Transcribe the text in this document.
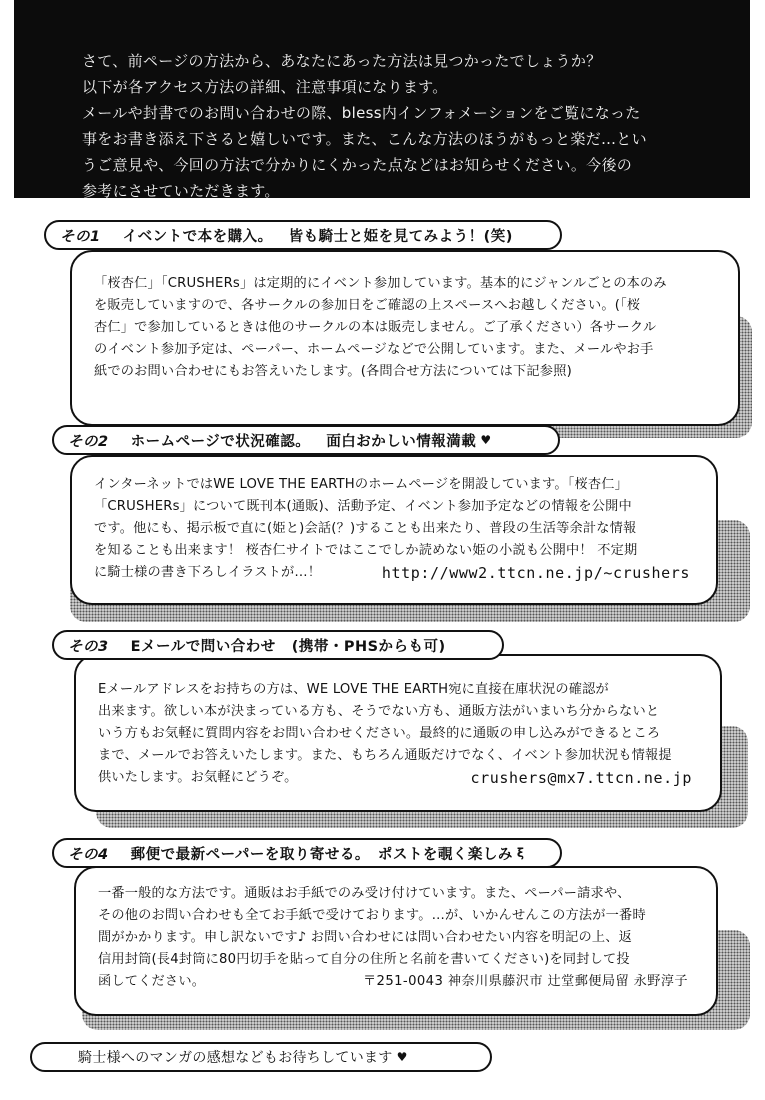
さて、前ページの方法から、あなたにあった方法は見つかったでしょうか？

以下が各アクセス方法の詳細、注意事項になります。

メールや封書でのお問い合わせの際、bless内インフォメーションをご覧になった

事をお書き添え下さると嬉しいです。また、こんな方法のほうがもっと楽だ…とい

うご意見や、今回の方法で分かりにくかった点などはお知らせください。今後の

参考にさせていただきます。

「桜杏仁」「CRUSHERs」は定期的にイベント参加しています。基本的にジャンルごとの本のみ

を販売していますので、各サークルの参加日をご確認の上スペースへお越しください。(「桜

杏仁」で参加しているときは他のサークルの本は販売しません。ご了承ください）各サークル

のイベント参加予定は、ペーパー、ホームページなどで公開しています。また、メールやお手

紙でのお問い合わせにもお答えいたします。(各問合せ方法については下記参照)

その1 イベントで本を購入。 皆も騎士と姫を見てみよう！(笑)

インターネットではWE LOVE THE EARTHのホームページを開設しています。「桜杏仁」

「CRUSHERs」について既刊本(通販)、活動予定、イベント参加予定などの情報を公開中

です。他にも、掲示板で直に(姫と)会話(？)することも出来たり、普段の生活等余計な情報

を知ることも出来ます！ 桜杏仁サイトではここでしか読めない姫の小説も公開中！ 不定期

に騎士様の書き下ろしイラストが…！	http://www2.ttcn.ne.jp/~crushers

その2 ホームページで状況確認。 面白おかしい情報満載 ♥

Eメールアドレスをお持ちの方は、WE LOVE THE EARTH宛に直接在庫状況の確認が

出来ます。欲しい本が決まっている方も、そうでない方も、通販方法がいまいち分からないと

いう方もお気軽に質問内容をお問い合わせください。最終的に通販の申し込みができるところ

まで、メールでお答えいたします。また、もちろん通販だけでなく、イベント参加状況も情報提

供いたします。お気軽にどうぞ。	crushers@mx7.ttcn.ne.jp

その3 Eメールで問い合わせ (携帯・PHSからも可)

一番一般的な方法です。通販はお手紙でのみ受け付けています。また、ペーパー請求や、

その他のお問い合わせも全てお手紙で受けております。…が、いかんせんこの方法が一番時

間がかかります。申し訳ないです♪ お問い合わせには問い合わせたい内容を明記の上、返

信用封筒(長4封筒に80円切手を貼って自分の住所と名前を書いてください)を同封して投

函してください。	〒251-0043 神奈川県藤沢市 辻堂郵便局留 永野淳子

その4 郵便で最新ペーパーを取り寄せる。 ポストを覗く楽しみ ξ
騎士様へのマンガの感想などもお待ちしています ♥
